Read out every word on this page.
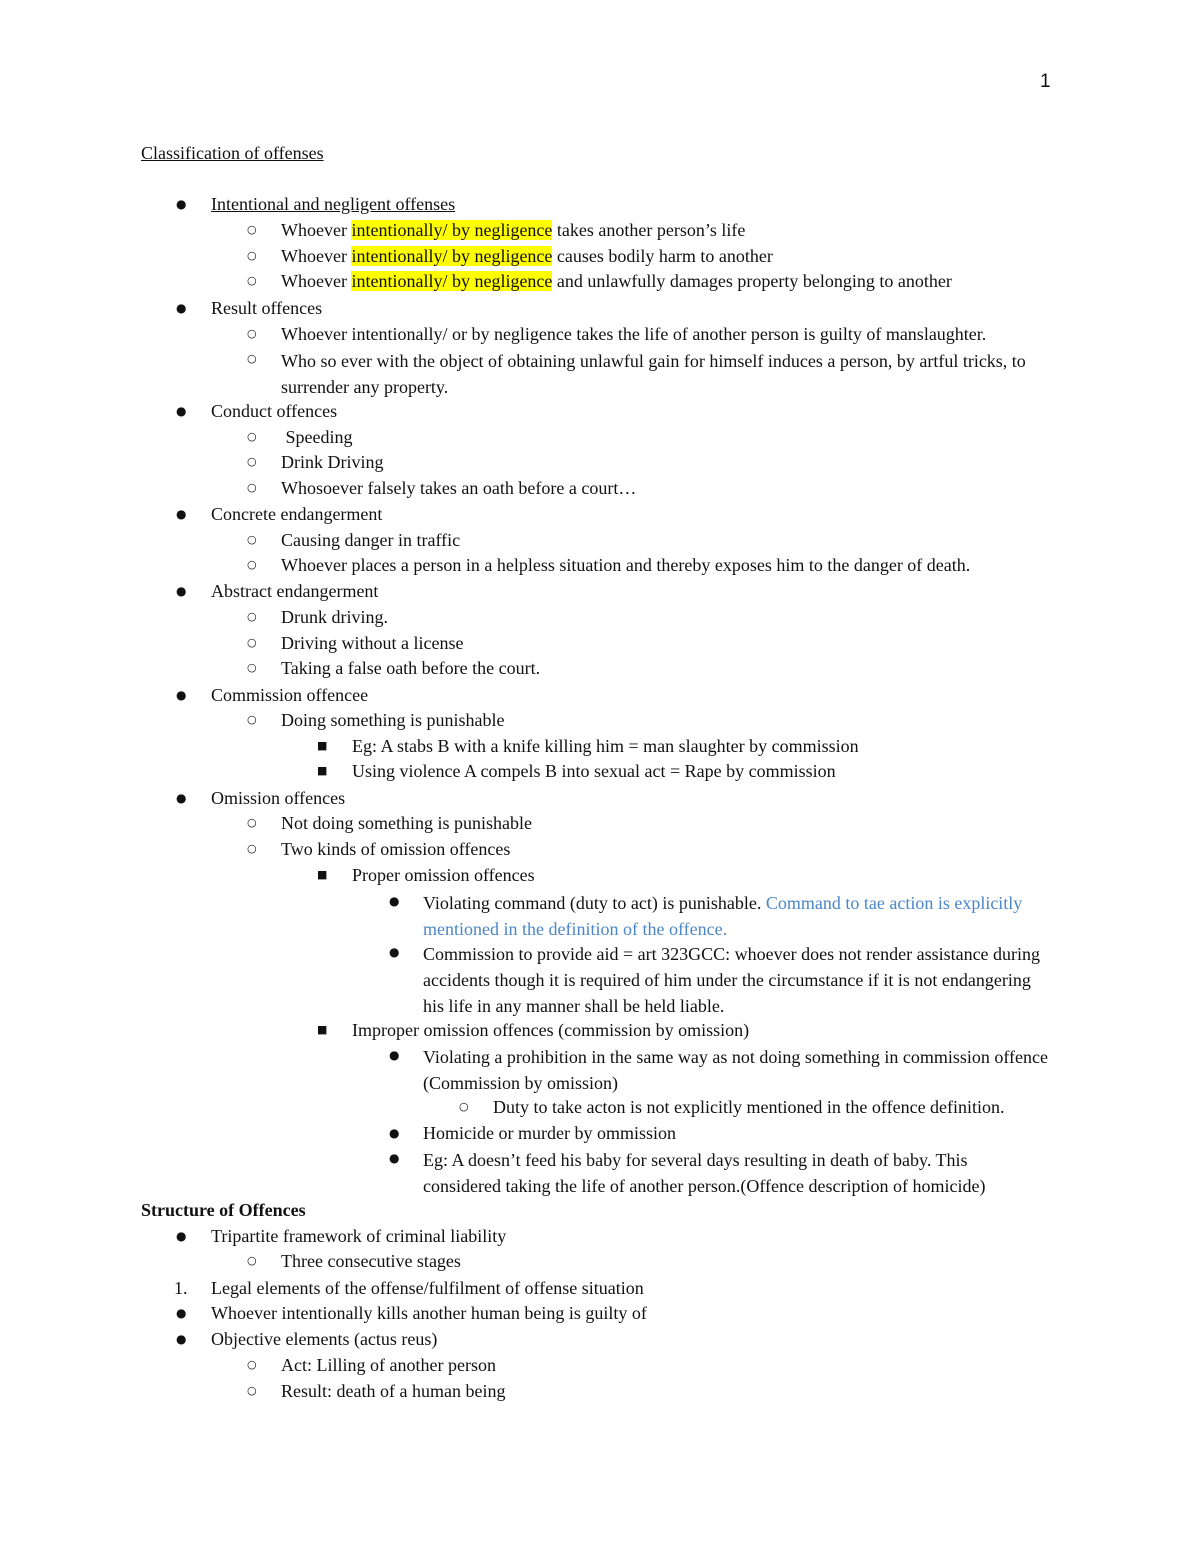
1
Classification of offenses
● Intentional and negligent offenses
○ Whoever intentionally/ by negligence takes another person’s life
○ Whoever intentionally/ by negligence causes bodily harm to another
○ Whoever intentionally/ by negligence and unlawfully damages property belonging to another
● Result offences
○ Whoever intentionally/ or by negligence takes the life of another person is guilty of manslaughter.
○ Who so ever with the object of obtaining unlawful gain for himself induces a person, by artful tricks, to surrender any property.
● Conduct offences
○ Speeding
○ Drink Driving
○ Whosoever falsely takes an oath before a court…
● Concrete endangerment
○ Causing danger in traffic
○ Whoever places a person in a helpless situation and thereby exposes him to the danger of death.
● Abstract endangerment
○ Drunk driving.
○ Driving without a license
○ Taking a false oath before the court.
● Commission offencee
○ Doing something is punishable
■ Eg: A stabs B with a knife killing him = man slaughter by commission
■ Using violence A compels B into sexual act = Rape by commission
● Omission offences
○ Not doing something is punishable
○ Two kinds of omission offences
■ Proper omission offences
● Violating command (duty to act) is punishable. Command to tae action is explicitly mentioned in the definition of the offence.
● Commission to provide aid = art 323GCC: whoever does not render assistance during accidents though it is required of him under the circumstance if it is not endangering his life in any manner shall be held liable.
■ Improper omission offences (commission by omission)
● Violating a prohibition in the same way as not doing something in commission offence (Commission by omission)
○ Duty to take acton is not explicitly mentioned in the offence definition.
● Homicide or murder by ommission
● Eg: A doesn’t feed his baby for several days resulting in death of baby. This considered taking the life of another person.(Offence description of homicide)
Structure of Offences
● Tripartite framework of criminal liability
○ Three consecutive stages
1. Legal elements of the offense/fulfilment of offense situation
● Whoever intentionally kills another human being is guilty of
● Objective elements (actus reus)
○ Act: Lilling of another person
○ Result: death of a human being
